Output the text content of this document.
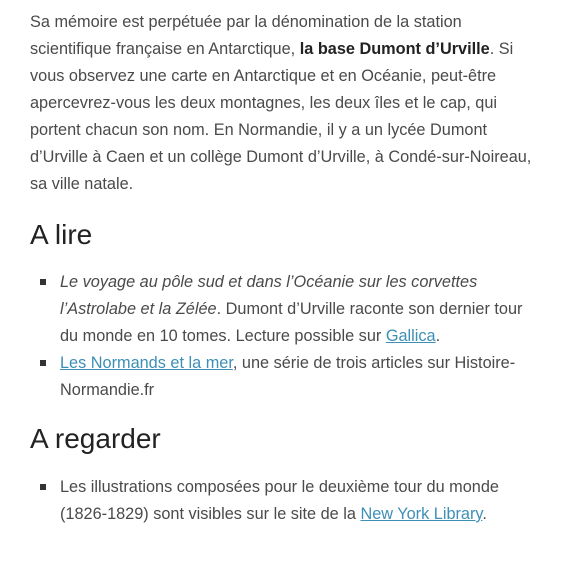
Sa mémoire est perpétuée par la dénomination de la station scientifique française en Antarctique, la base Dumont d’Urville. Si vous observez une carte en Antarctique et en Océanie, peut-être apercevrez-vous les deux montagnes, les deux îles et le cap, qui portent chacun son nom. En Normandie, il y a un lycée Dumont d’Urville à Caen et un collège Dumont d’Urville, à Condé-sur-Noireau, sa ville natale.

A lire
Le voyage au pôle sud et dans l’Océanie sur les corvettes l’Astrolabe et la Zélée. Dumont d’Urville raconte son dernier tour du monde en 10 tomes. Lecture possible sur Gallica.
Les Normands et la mer, une série de trois articles sur Histoire-Normandie.fr
A regarder
Les illustrations composées pour le deuxième tour du monde (1826-1829) sont visibles sur le site de la New York Library.
